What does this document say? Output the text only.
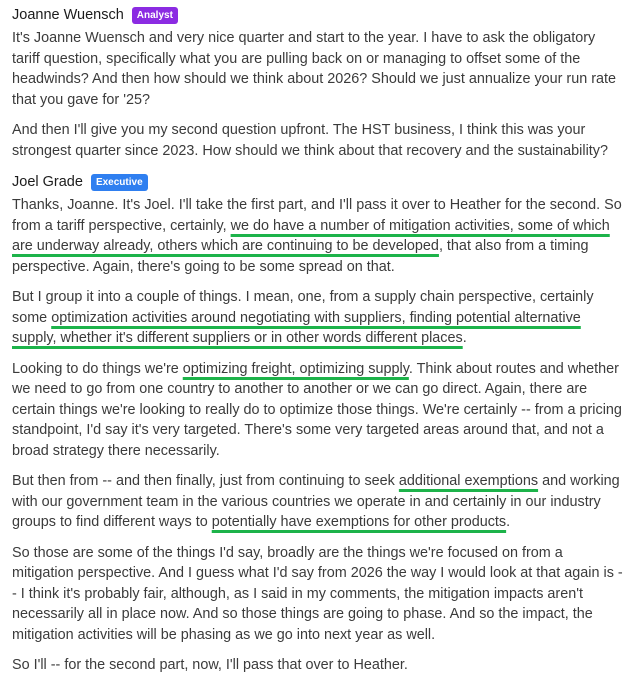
Joanne Wuensch	Analyst

It's Joanne Wuensch and very nice quarter and start to the year. I have to ask the obligatory tariff question, specifically what you are pulling back on or managing to offset some of the headwinds? And then how should we think about 2026? Should we just annualize your run rate that you gave for '25?

And then I'll give you my second question upfront. The HST business, I think this was your strongest quarter since 2023. How should we think about that recovery and the sustainability?

Joel Grade	Executive

Thanks, Joanne. It's Joel. I'll take the first part, and I'll pass it over to Heather for the second. So from a tariff perspective, certainly, we do have a number of mitigation activities, some of which are underway already, others which are continuing to be developed, that also from a timing perspective. Again, there's going to be some spread on that.

But I group it into a couple of things. I mean, one, from a supply chain perspective, certainly some optimization activities around negotiating with suppliers, finding potential alternative supply, whether it's different suppliers or in other words different places.

Looking to do things we're optimizing freight, optimizing supply. Think about routes and whether we need to go from one country to another to another or we can go direct. Again, there are certain things we're looking to really do to optimize those things. We're certainly -- from a pricing standpoint, I'd say it's very targeted. There's some very targeted areas around that, and not a broad strategy there necessarily.

But then from -- and then finally, just from continuing to seek additional exemptions and working with our government team in the various countries we operate in and certainly in our industry groups to find different ways to potentially have exemptions for other products.

So those are some of the things I'd say, broadly are the things we're focused on from a mitigation perspective. And I guess what I'd say from 2026 the way I would look at that again is -- I think it's probably fair, although, as I said in my comments, the mitigation impacts aren't necessarily all in place now. And so those things are going to phase. And so the impact, the mitigation activities will be phasing as we go into next year as well.

So I'll -- for the second part, now, I'll pass that over to Heather.
